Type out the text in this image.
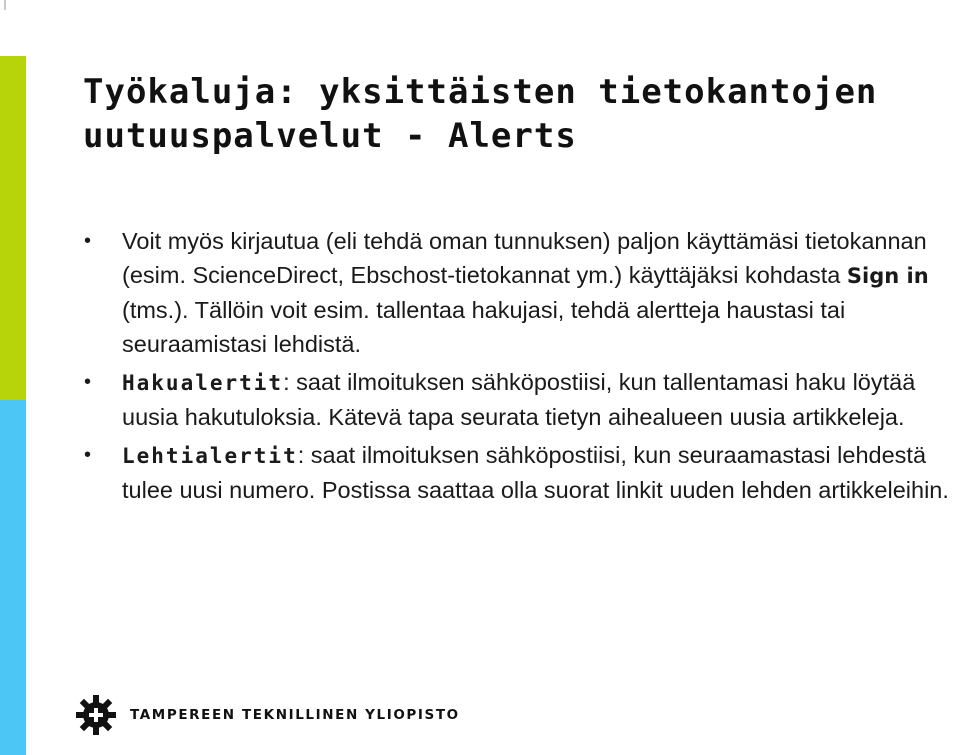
Työkaluja: yksittäisten tietokantojen
uutuuspalvelut - Alerts
• Voit myös kirjautua (eli tehdä oman tunnuksen) paljon käyttämäsi tietokannan (esim. ScienceDirect, Ebschost-tietokannat ym.) käyttäjäksi kohdasta Sign in (tms.). Tällöin voit esim. tallentaa hakujasi, tehdä alertteja haustasi tai seuraamistasi lehdistä.
• Hakualertit: saat ilmoituksen sähköpostiisi, kun tallentamasi haku löytää uusia hakutuloksia. Kätevä tapa seurata tietyn aihealueen uusia artikkeleja.
• Lehtialertit: saat ilmoituksen sähköpostiisi, kun seuraamastasi lehdestä tulee uusi numero. Postissa saattaa olla suorat linkit uuden lehden artikkeleihin.
TAMPEREEN TEKNILLINEN YLIOPISTO
